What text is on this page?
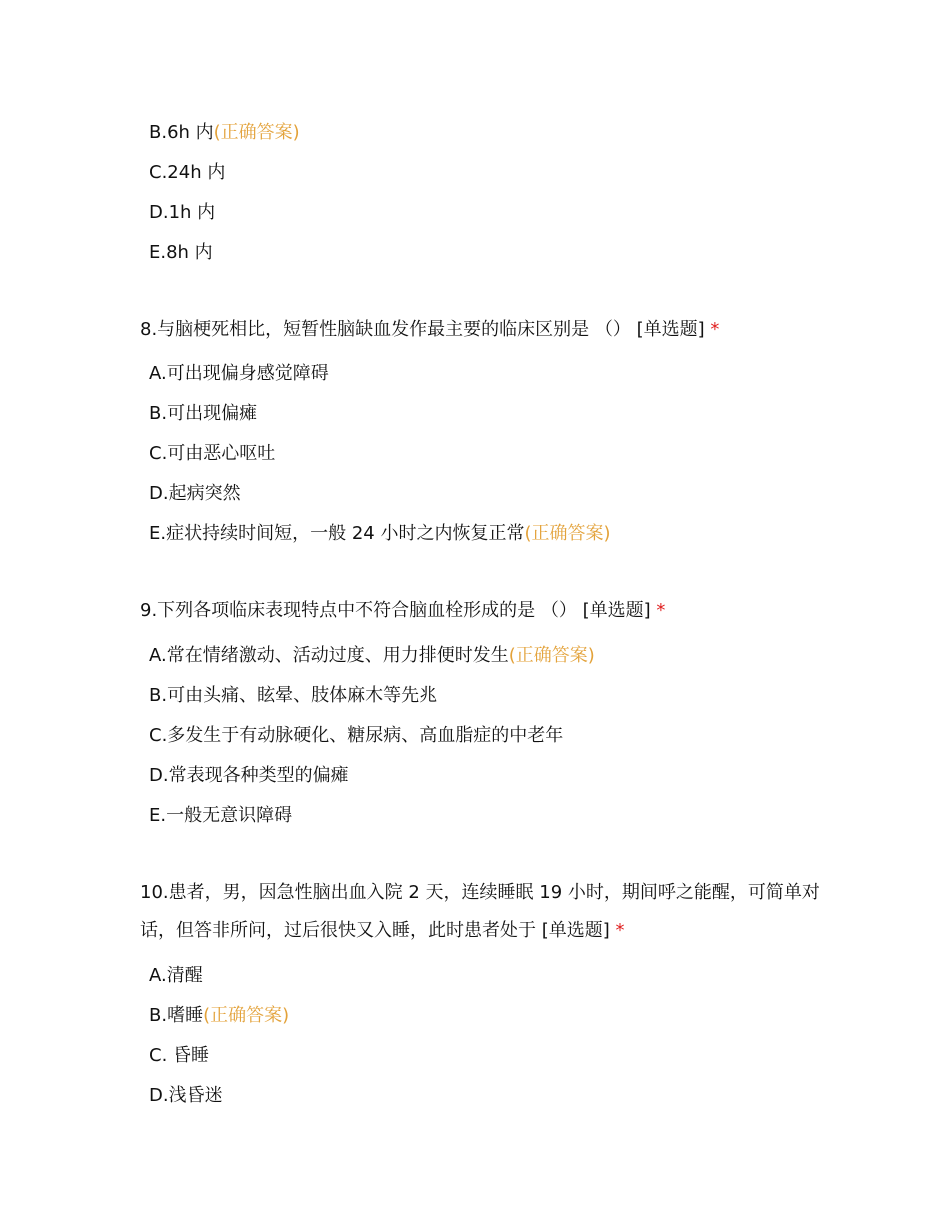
B.6h 内(正确答案)
C.24h 内
D.1h 内
E.8h 内
8.与脑梗死相比，短暂性脑缺血发作最主要的临床区别是 （） [单选题] *
A.可出现偏身感觉障碍
B.可出现偏瘫
C.可由恶心呕吐
D.起病突然
E.症状持续时间短，一般 24 小时之内恢复正常(正确答案)
9.下列各项临床表现特点中不符合脑血栓形成的是 （） [单选题] *
A.常在情绪激动、活动过度、用力排便时发生(正确答案)
B.可由头痛、眩晕、肢体麻木等先兆
C.多发生于有动脉硬化、糖尿病、高血脂症的中老年
D.常表现各种类型的偏瘫
E.一般无意识障碍
10.患者，男，因急性脑出血入院 2 天，连续睡眠 19 小时，期间呼之能醒，可简单对话，但答非所问，过后很快又入睡，此时患者处于 [单选题] *
A.清醒
B.嗜睡(正确答案)
C. 昏睡
D.浅昏迷
